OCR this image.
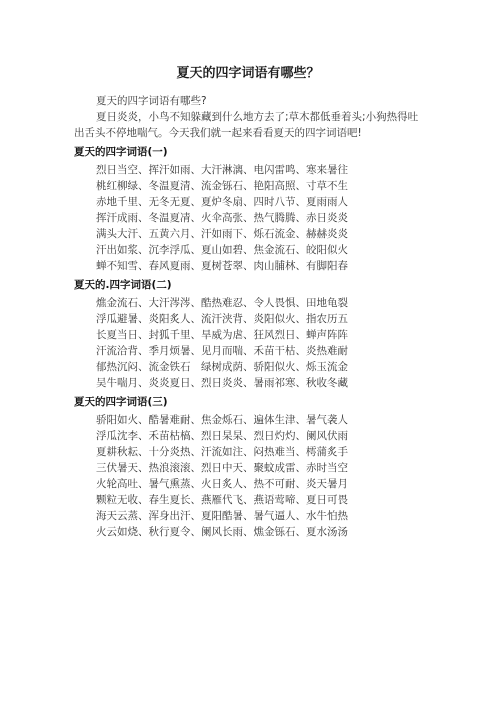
夏天的四字词语有哪些？

夏天的四字词语有哪些?

夏日炎炎，小鸟不知躲藏到什么地方去了;草木都低垂着头;小狗热得吐出舌头不停地喘气。今天我们就一起来看看夏天的四字词语吧!

夏天的四字词语(一)
烈日当空、挥汗如雨、大汗淋漓、电闪雷鸣、寒来暑往
桃红柳绿、冬温夏清、流金铄石、艳阳高照、寸草不生
赤地千里、无冬无夏、夏炉冬扇、四时八节、夏雨雨人
挥汗成雨、冬温夏凊、火伞高张、热气腾腾、赤日炎炎
满头大汗、五黄六月、汗如雨下、烁石流金、赫赫炎炎
汗出如浆、沉李浮瓜、夏山如碧、焦金流石、皎阳似火
蝉不知雪、春风夏雨、夏树苍翠、肉山脯林、有脚阳春
夏天的.四字词语(二)
燋金流石、大汗涔涔、酷热难忍、令人畏惧、田地龟裂
浮瓜避暑、炎阳炙人、流汗浃背、炎阳似火、指农历五
长夏当日、封狐千里、旱威为虐、狂风烈日、蝉声阵阵
汗流洽背、季月烦暑、见月而喘、禾苗干枯、炎热难耐
郁热沉闷、流金铁石　绿树成荫、骄阳似火、烁玉流金
吴牛喘月、炎炎夏日、烈日炎炎、暑雨祁寒、秋收冬藏
夏天的四字词语(三)
骄阳如火、酷暑难耐、焦金烁石、遍体生津、暑气袭人
浮瓜沈李、禾苗枯槁、烈日杲杲、烈日灼灼、阑风伏雨
夏耕秋耘、十分炎热、汗流如注、闷热难当、樗蒲炙手
三伏暑天、热浪滚滚、烈日中天、聚蚊成雷、赤时当空
火轮高吐、暑气熏蒸、火日炙人、热不可耐、炎天暑月
颗粒无收、春生夏长、燕雁代飞、燕语莺啼、夏日可畏
海天云蒸、浑身出汗、夏阳酷暑、暑气逼人、水牛怕热
火云如烧、秋行夏令、阑风长雨、燋金铄石、夏水汤汤
